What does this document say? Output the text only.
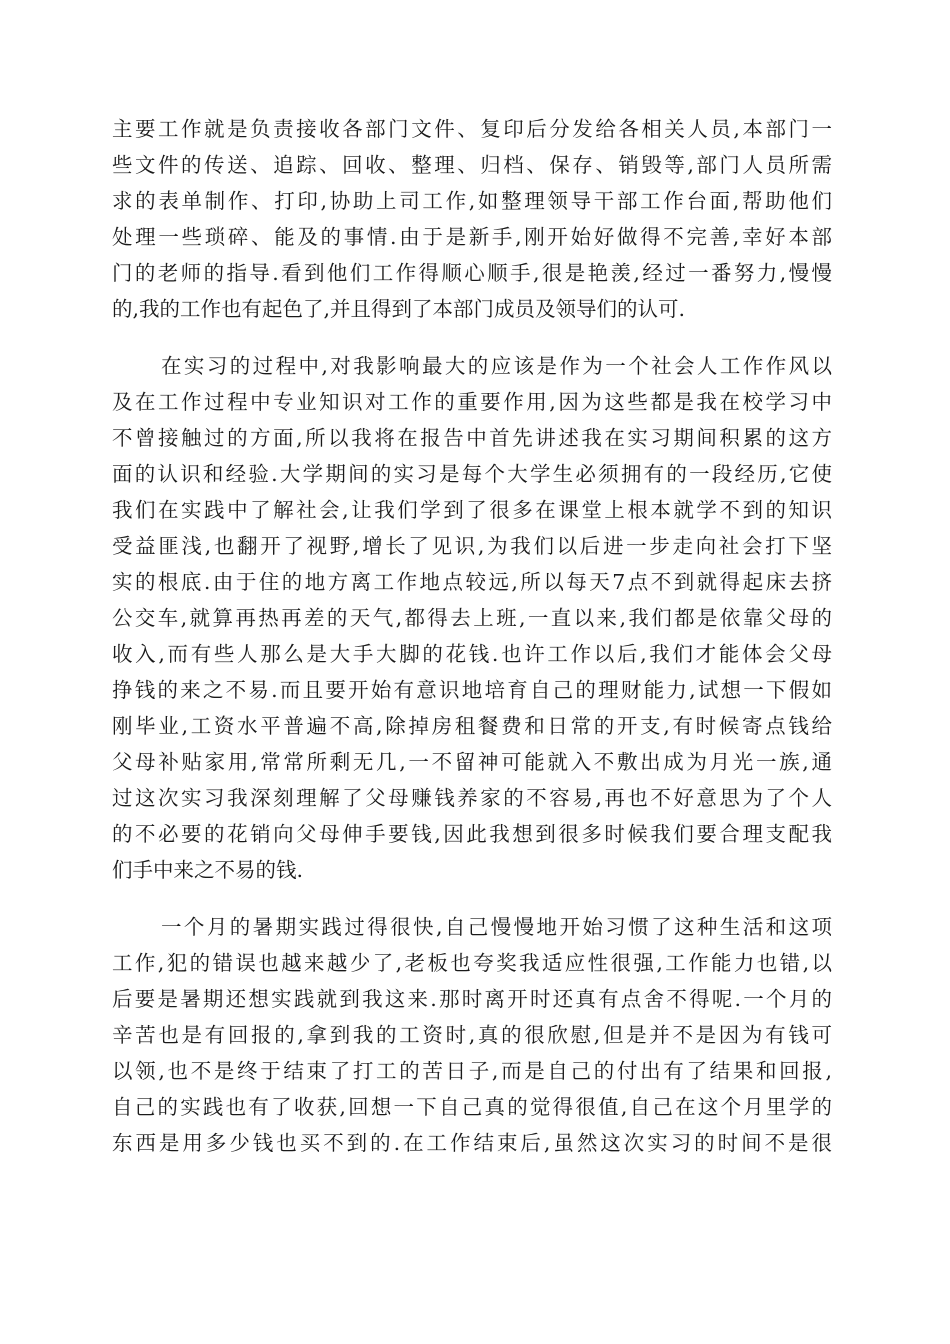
主要工作就是负责接收各部门文件、复印后分发给各相关人员,本部门一
些文件的传送、追踪、回收、整理、归档、保存、销毁等,部门人员所需
求的表单制作、打印,协助上司工作,如整理领导干部工作台面,帮助他们
处理一些琐碎、能及的事情.由于是新手,刚开始好做得不完善,幸好本部
门的老师的指导.看到他们工作得顺心顺手,很是艳羡,经过一番努力,慢慢
的,我的工作也有起色了,并且得到了本部门成员及领导们的认可.

在实习的过程中,对我影响最大的应该是作为一个社会人工作作风以
及在工作过程中专业知识对工作的重要作用,因为这些都是我在校学习中
不曾接触过的方面,所以我将在报告中首先讲述我在实习期间积累的这方
面的认识和经验.大学期间的实习是每个大学生必须拥有的一段经历,它使
我们在实践中了解社会,让我们学到了很多在课堂上根本就学不到的知识
受益匪浅,也翻开了视野,增长了见识,为我们以后进一步走向社会打下坚
实的根底.由于住的地方离工作地点较远,所以每天7点不到就得起床去挤
公交车,就算再热再差的天气,都得去上班,一直以来,我们都是依靠父母的
收入,而有些人那么是大手大脚的花钱.也许工作以后,我们才能体会父母
挣钱的来之不易.而且要开始有意识地培育自己的理财能力,试想一下假如
刚毕业,工资水平普遍不高,除掉房租餐费和日常的开支,有时候寄点钱给
父母补贴家用,常常所剩无几,一不留神可能就入不敷出成为月光一族,通
过这次实习我深刻理解了父母赚钱养家的不容易,再也不好意思为了个人
的不必要的花销向父母伸手要钱,因此我想到很多时候我们要合理支配我
们手中来之不易的钱.

一个月的暑期实践过得很快,自己慢慢地开始习惯了这种生活和这项
工作,犯的错误也越来越少了,老板也夸奖我适应性很强,工作能力也错,以
后要是暑期还想实践就到我这来.那时离开时还真有点舍不得呢.一个月的
辛苦也是有回报的,拿到我的工资时,真的很欣慰,但是并不是因为有钱可
以领,也不是终于结束了打工的苦日子,而是自己的付出有了结果和回报,
自己的实践也有了收获,回想一下自己真的觉得很值,自己在这个月里学的
东西是用多少钱也买不到的.在工作结束后,虽然这次实习的时间不是很
